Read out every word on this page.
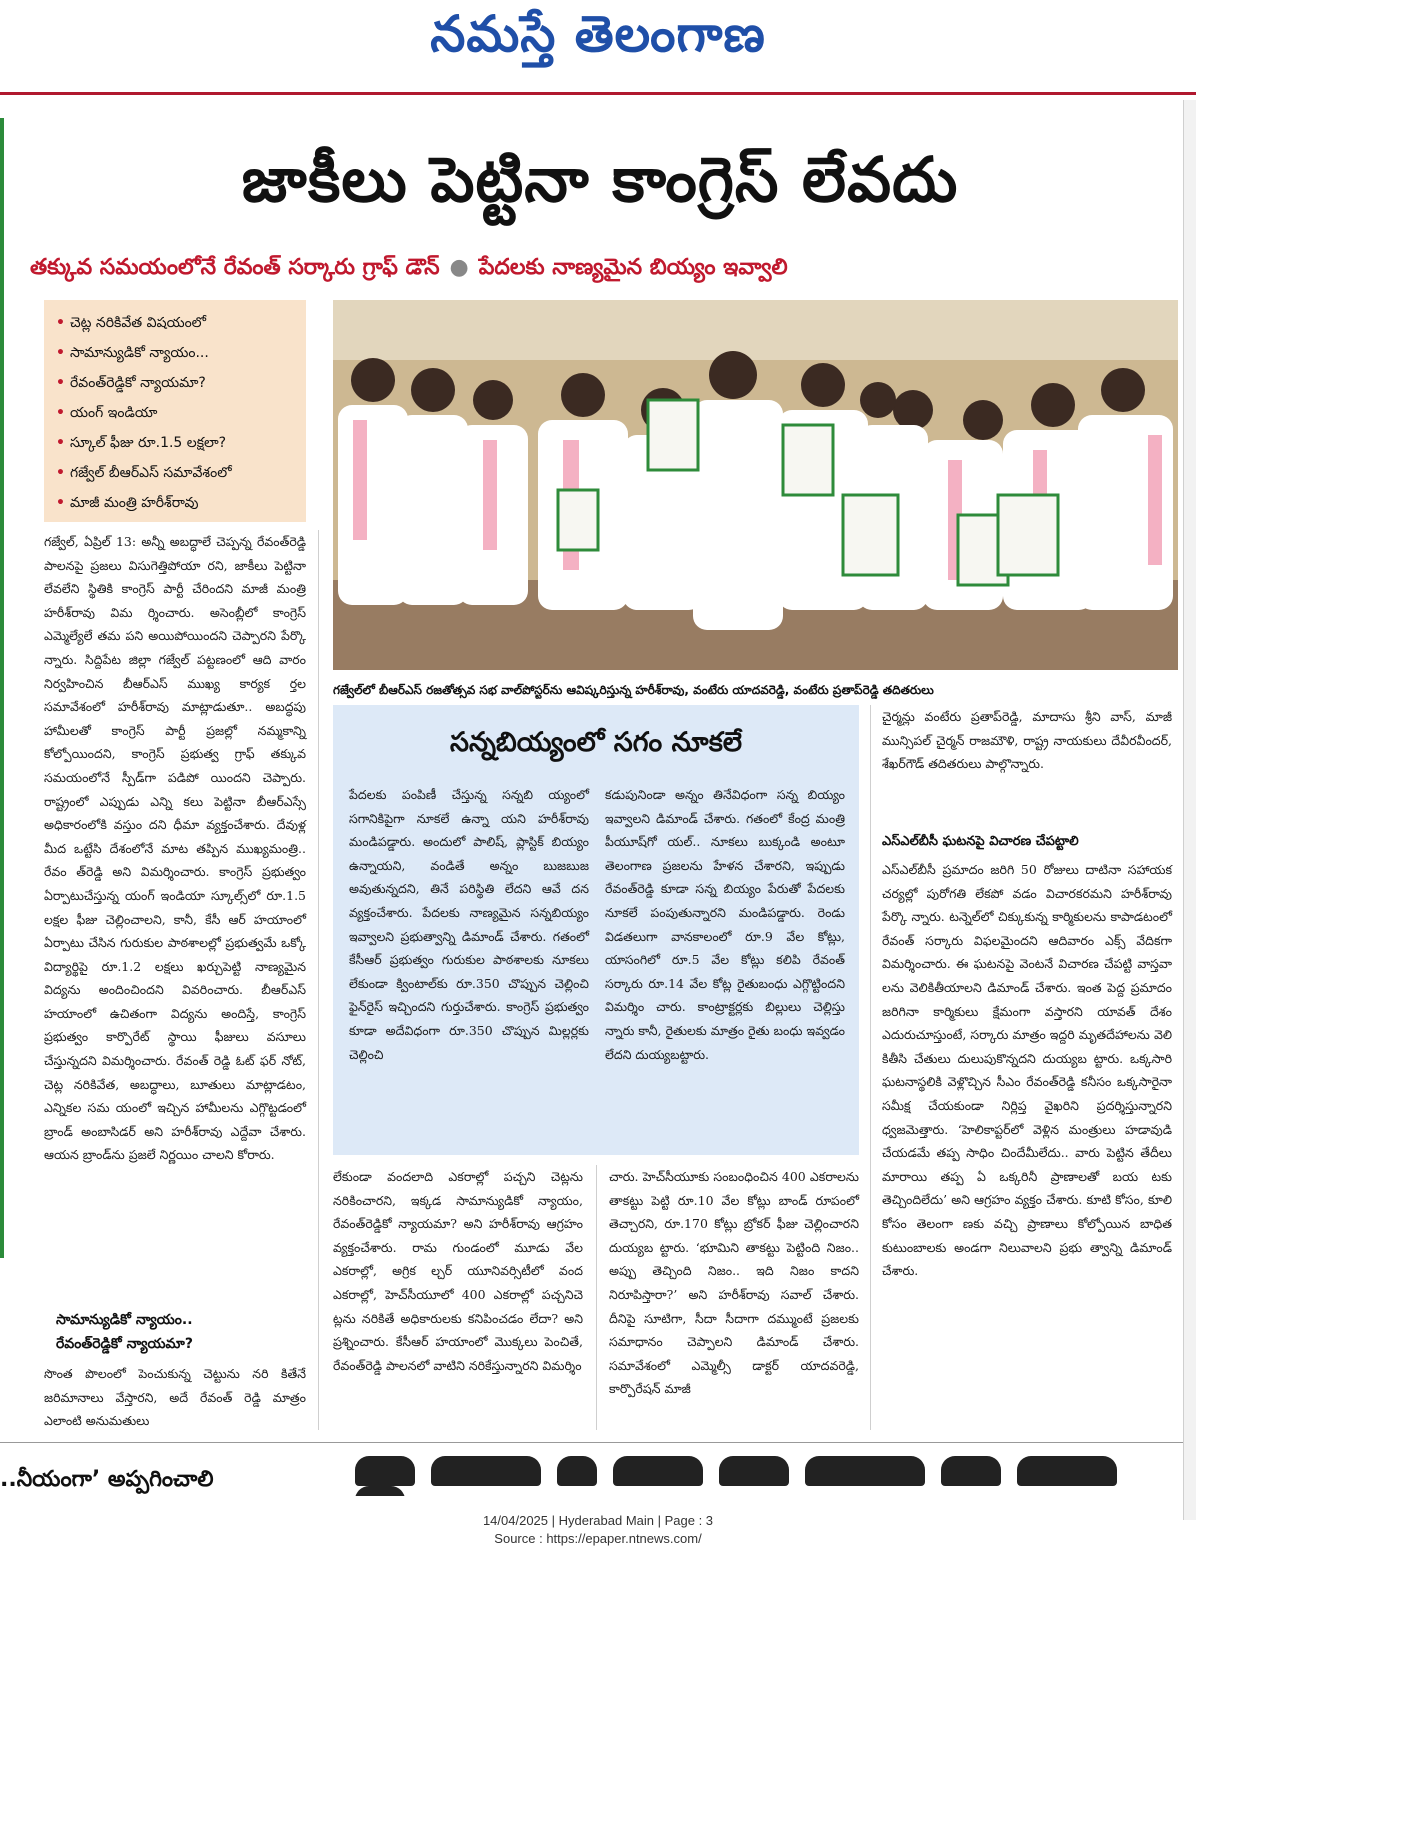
నమస్తే తెలంగాణ
జాకీలు పెట్టినా కాంగ్రెస్ లేవదు
తక్కువ సమయంలోనే రేవంత్ సర్కారు గ్రాఫ్ డౌన్ ● పేదలకు నాణ్యమైన బియ్యం ఇవ్వాలి
• చెట్ల నరికివేత విషయంలో
• సామాన్యుడికో న్యాయం...
• రేవంత్‌రెడ్డికో న్యాయమా?
• యంగ్ ఇండియా
• స్కూల్ ఫీజు రూ.1.5 లక్షలా?
• గజ్వేల్ బీఆర్ఎస్ సమావేశంలో
• మాజీ మంత్రి హరీశ్‌రావు
గజ్వేల్‌లో బీఆర్ఎస్ రజతోత్సవ సభ వాల్‌పోస్టర్‌ను ఆవిష్కరిస్తున్న హరీశ్‌రావు, వంటేరు యాదవరెడ్డి, వంటేరు ప్రతాప్‌రెడ్డి తదితరులు

గజ్వేల్, ఏప్రిల్ 13: అన్నీ అబద్ధాలే చెప్పన్న రేవంత్‌రెడ్డి పాలనపై ప్రజలు విసుగెత్తిపోయా రని, జాకీలు పెట్టినా లేవలేని స్థితికి కాంగ్రెస్ పార్టీ చేరిందని మాజీ మంత్రి హరీశ్‌రావు విమ ర్శించారు. అసెంబ్లీలో కాంగ్రెస్ ఎమ్మెల్యేలే తమ పని అయిపోయిందని చెప్పారని పేర్కొ న్నారు. సిద్దిపేట జిల్లా గజ్వేల్ పట్టణంలో ఆది వారం నిర్వహించిన బీఆర్ఎస్ ముఖ్య కార్యక ర్తల సమావేశంలో హరీశ్‌రావు మాట్లాడుతూ.. అబద్ధపు హామీలతో కాంగ్రెస్ పార్టీ ప్రజల్లో నమ్మకాన్ని కోల్పోయిందని, కాంగ్రెస్ ప్రభుత్వ గ్రాఫ్ తక్కువ సమయంలోనే స్పీడ్‌గా పడిపో యిందని చెప్పారు. రాష్ట్రంలో ఎప్పుడు ఎన్ని కలు పెట్టినా బీఆర్ఎస్సే అధికారంలోకి వస్తుం దని ధీమా వ్యక్తంచేశారు. దేవుళ్ల మీద ఒట్టేసి దేశంలోనే మాట తప్పిన ముఖ్యమంత్రి.. రేవం త్‌రెడ్డి అని విమర్శించారు. కాంగ్రెస్ ప్రభుత్వం ఏర్పాటుచేస్తున్న యంగ్ ఇండియా స్కూల్స్‌లో రూ.1.5 లక్షల ఫీజు చెల్లించాలని, కానీ, కేసీ ఆర్ హయాంలో ఏర్పాటు చేసిన గురుకుల పాఠశాలల్లో ప్రభుత్వమే ఒక్కో విద్యార్థిపై రూ.1.2 లక్షలు ఖర్చుపెట్టి నాణ్యమైన విద్యను అందించిందని వివరించారు. బీఆర్ఎస్ హయాంలో ఉచితంగా విద్యను అందిస్తే, కాంగ్రెస్ ప్రభుత్వం కార్పొరేట్ స్థాయి ఫీజులు వసూలు చేస్తున్నదని విమర్శించారు. రేవంత్ రెడ్డి ఓట్ ఫర్ నోట్, చెట్ల నరికివేత, అబద్ధాలు, బూతులు మాట్లాడటం, ఎన్నికల సమ యంలో ఇచ్చిన హామీలను ఎగ్గొట్టడంలో బ్రాండ్ అంబాసిడర్ అని హరీశ్‌రావు ఎద్దేవా చేశారు. ఆయన బ్రాండ్‌ను ప్రజలే నిర్ణయిం చాలని కోరారు.

సామాన్యుడికో న్యాయం..
రేవంత్‌రెడ్డికో న్యాయమా?

సొంత పొలంలో పెంచుకున్న చెట్టును నరి కితేనే జరిమానాలు వేస్తారని, అదే రేవంత్ రెడ్డి మాత్రం ఎలాంటి అనుమతులు

సన్నబియ్యంలో సగం నూకలే
పేదలకు పంపిణీ చేస్తున్న సన్నబి య్యంలో సగానికిపైగా నూకలే ఉన్నా యని హరీశ్‌రావు మండిపడ్డారు. అందులో పాలిష్, ప్లాస్టిక్ బియ్యం ఉన్నాయని, వండితే అన్నం బుజబుజ అవుతున్నదని, తినే పరిస్థితి లేదని ఆవే దన వ్యక్తంచేశారు. పేదలకు నాణ్యమైన సన్నబియ్యం ఇవ్వాలని ప్రభుత్వాన్ని డిమాండ్ చేశారు. గతంలో కేసీఆర్ ప్రభుత్వం గురుకుల పాఠశాలకు నూకలు లేకుండా క్వింటాల్‌కు రూ.350 చొప్పున చెల్లించి ఫైన్‌రైస్ ఇచ్చిందని గుర్తుచేశారు. కాంగ్రెస్ ప్రభుత్వం కూడా అదేవిధంగా రూ.350 చొప్పున మిల్లర్లకు చెల్లించి
కడుపునిండా అన్నం తినేవిధంగా సన్న బియ్యం ఇవ్వాలని డిమాండ్ చేశారు. గతంలో కేంద్ర మంత్రి పీయూష్‌గో యల్.. నూకలు బుక్కండి అంటూ తెలంగాణ ప్రజలను హేళన చేశారని, ఇప్పుడు రేవంత్‌రెడ్డి కూడా సన్న బియ్యం పేరుతో పేదలకు నూకలే పంపుతున్నారని మండిపడ్డారు. రెండు విడతలుగా వానకాలంలో రూ.9 వేల కోట్లు, యాసంగిలో రూ.5 వేల కోట్లు కలిపి రేవంత్ సర్కారు రూ.14 వేల కోట్ల రైతుబంధు ఎగ్గొట్టిందని విమర్శిం చారు. కాంట్రాక్టర్లకు బిల్లులు చెల్లిస్తు న్నారు కానీ, రైతులకు మాత్రం రైతు బంధు ఇవ్వడం లేదని దుయ్యబట్టారు.

లేకుండా వందలాది ఎకరాల్లో పచ్చని చెట్లను నరికించారని, ఇక్కడ సామాన్యుడికో న్యాయం, రేవంత్‌రెడ్డికో న్యాయమా? అని హరీశ్‌రావు ఆగ్రహం వ్యక్తంచేశారు. రామ గుండంలో మూడు వేల ఎకరాల్లో, అగ్రిక ల్చర్ యూనివర్సిటీలో వంద ఎకరాల్లో, హెచ్‌సీయూలో 400 ఎకరాల్లో పచ్చనిచె ట్లను నరికితే అధికారులకు కనిపించడం లేదా? అని ప్రశ్నించారు. కేసీఆర్ హయాంలో మొక్కలు పెంచితే, రేవంత్‌రెడ్డి పాలనలో వాటిని నరికేస్తున్నారని విమర్శిం

చారు. హెచ్‌సీయూకు సంబంధించిన 400 ఎకరాలను తాకట్టు పెట్టి రూ.10 వేల కోట్లు బాండ్ రూపంలో తెచ్చారని, రూ.170 కోట్లు బ్రోకర్ ఫీజు చెల్లించారని దుయ్యబ ట్టారు. ‘భూమిని తాకట్టు పెట్టింది నిజం.. అప్పు తెచ్చింది నిజం.. ఇది నిజం కాదని నిరూపిస్తారా?’ అని హరీశ్‌రావు సవాల్ చేశారు. దీనిపై సూటిగా, సీదా సీదాగా దమ్ముంటే ప్రజలకు సమాధానం చెప్పాలని డిమాండ్ చేశారు. సమావేశంలో ఎమ్మెల్సీ డాక్టర్ యాదవరెడ్డి, కార్పొరేషన్ మాజీ

చైర్మన్లు వంటేరు ప్రతాప్‌రెడ్డి, మాదాసు శ్రీని వాస్, మాజీ మున్సిపల్ చైర్మన్ రాజమౌళి, రాష్ట్ర నాయకులు దేవీరవీందర్, శేఖర్‌గౌడ్ తదితరులు పాల్గొన్నారు.

ఎస్ఎల్‌బీసీ ఘటనపై విచారణ చేపట్టాలి

ఎస్ఎల్‌బీసీ ప్రమాదం జరిగి 50 రోజులు దాటినా సహాయక చర్యల్లో పురోగతి లేకపో వడం విచారకరమని హరీశ్‌రావు పేర్కొ న్నారు. టన్నెల్‌లో చిక్కుకున్న కార్మికులను కాపాడటంలో రేవంత్ సర్కారు విఫలమైందని ఆదివారం ఎక్స్ వేదికగా విమర్శించారు. ఈ ఘటనపై వెంటనే విచారణ చేపట్టి వాస్తవా లను వెలికితీయాలని డిమాండ్ చేశారు. ఇంత పెద్ద ప్రమాదం జరిగినా కార్మికులు క్షేమంగా వస్తారని యావత్ దేశం ఎదురుచూస్తుంటే, సర్కారు మాత్రం ఇద్దరి మృతదేహాలను వెలి కితీసి చేతులు దులుపుకొన్నదని దుయ్యబ ట్టారు. ఒక్కసారి ఘటనాస్థలికి వెళ్లొచ్చిన సీఎం రేవంత్‌రెడ్డి కనీసం ఒక్కసారైనా సమీక్ష చేయకుండా నిర్లిప్త వైఖరిని ప్రదర్శిస్తున్నారని ధ్వజమెత్తారు. ‘హెలికాప్టర్‌లో వెళ్లిన మంత్రులు హడావుడి చేయడమే తప్ప సాధిం చిందేమీలేదు.. వారు పెట్టిన తేదీలు మారాయి తప్ప ఏ ఒక్కరినీ ప్రాణాలతో బయ టకు తెచ్చిందిలేదు’ అని ఆగ్రహం వ్యక్తం చేశారు. కూటి కోసం, కూలి కోసం తెలంగా ణకు వచ్చి ప్రాణాలు కోల్పోయిన బాధిత కుటుంబాలకు అండగా నిలువాలని ప్రభు త్వాన్ని డిమాండ్ చేశారు.

..నీయంగా’ అప్పగించాలి
14/04/2025 | Hyderabad Main | Page : 3
Source : https://epaper.ntnews.com/
